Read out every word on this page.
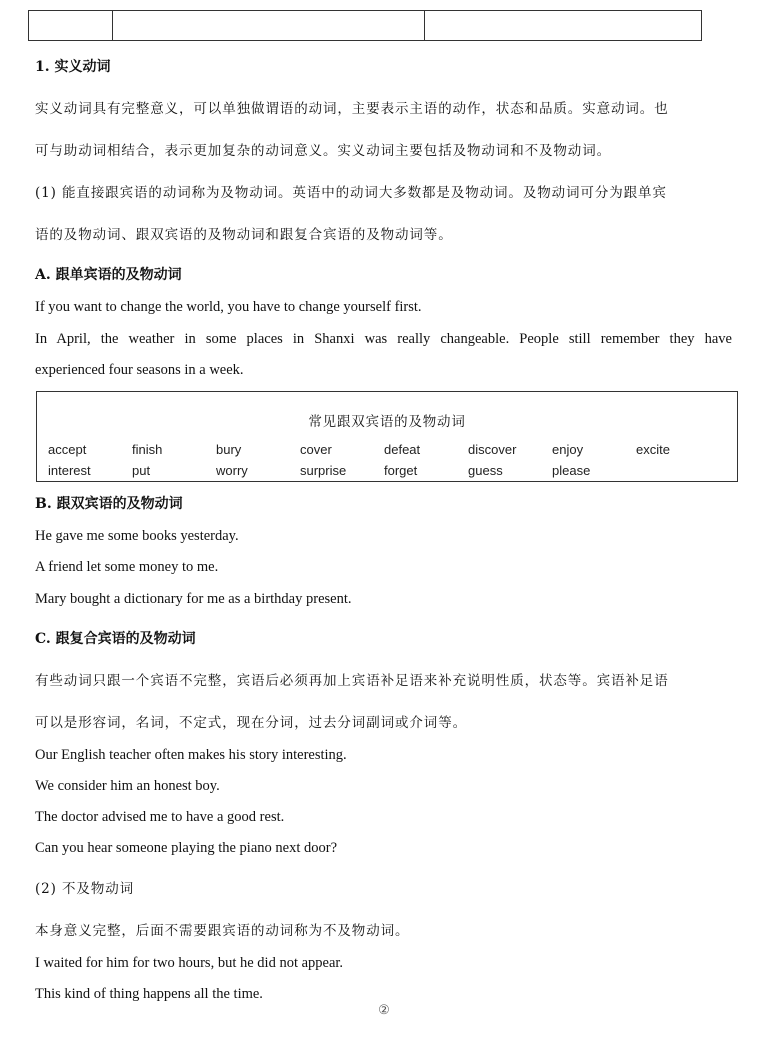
1. 实义动词
实义动词具有完整意义，可以单独做谓语的动词，主要表示主语的动作，状态和品质。实意动词。也
可与助动词相结合，表示更加复杂的动词意义。实义动词主要包括及物动词和不及物动词。
(1) 能直接跟宾语的动词称为及物动词。英语中的动词大多数都是及物动词。及物动词可分为跟单宾
语的及物动词、跟双宾语的及物动词和跟复合宾语的及物动词等。
A. 跟单宾语的及物动词
If you want to change the world, you have to change yourself first.
In April, the weather in some places in Shanxi was really changeable. People still remember they have
experienced four seasons in a week.
常见跟双宾语的及物动词
accept	finish	bury	cover	defeat	discover	enjoy	excite
interest	put	worry	surprise	forget	guess	please
B. 跟双宾语的及物动词
He gave me some books yesterday.
A friend let some money to me.
Mary bought a dictionary for me as a birthday present.
C. 跟复合宾语的及物动词
有些动词只跟一个宾语不完整，宾语后必须再加上宾语补足语来补充说明性质，状态等。宾语补足语
可以是形容词，名词，不定式，现在分词，过去分词副词或介词等。
Our English teacher often makes his story interesting.
We consider him an honest boy.
The doctor advised me to have a good rest.
Can you hear someone playing the piano next door?
(2) 不及物动词
本身意义完整，后面不需要跟宾语的动词称为不及物动词。
I waited for him for two hours, but he did not appear.
This kind of thing happens all the time.
②
